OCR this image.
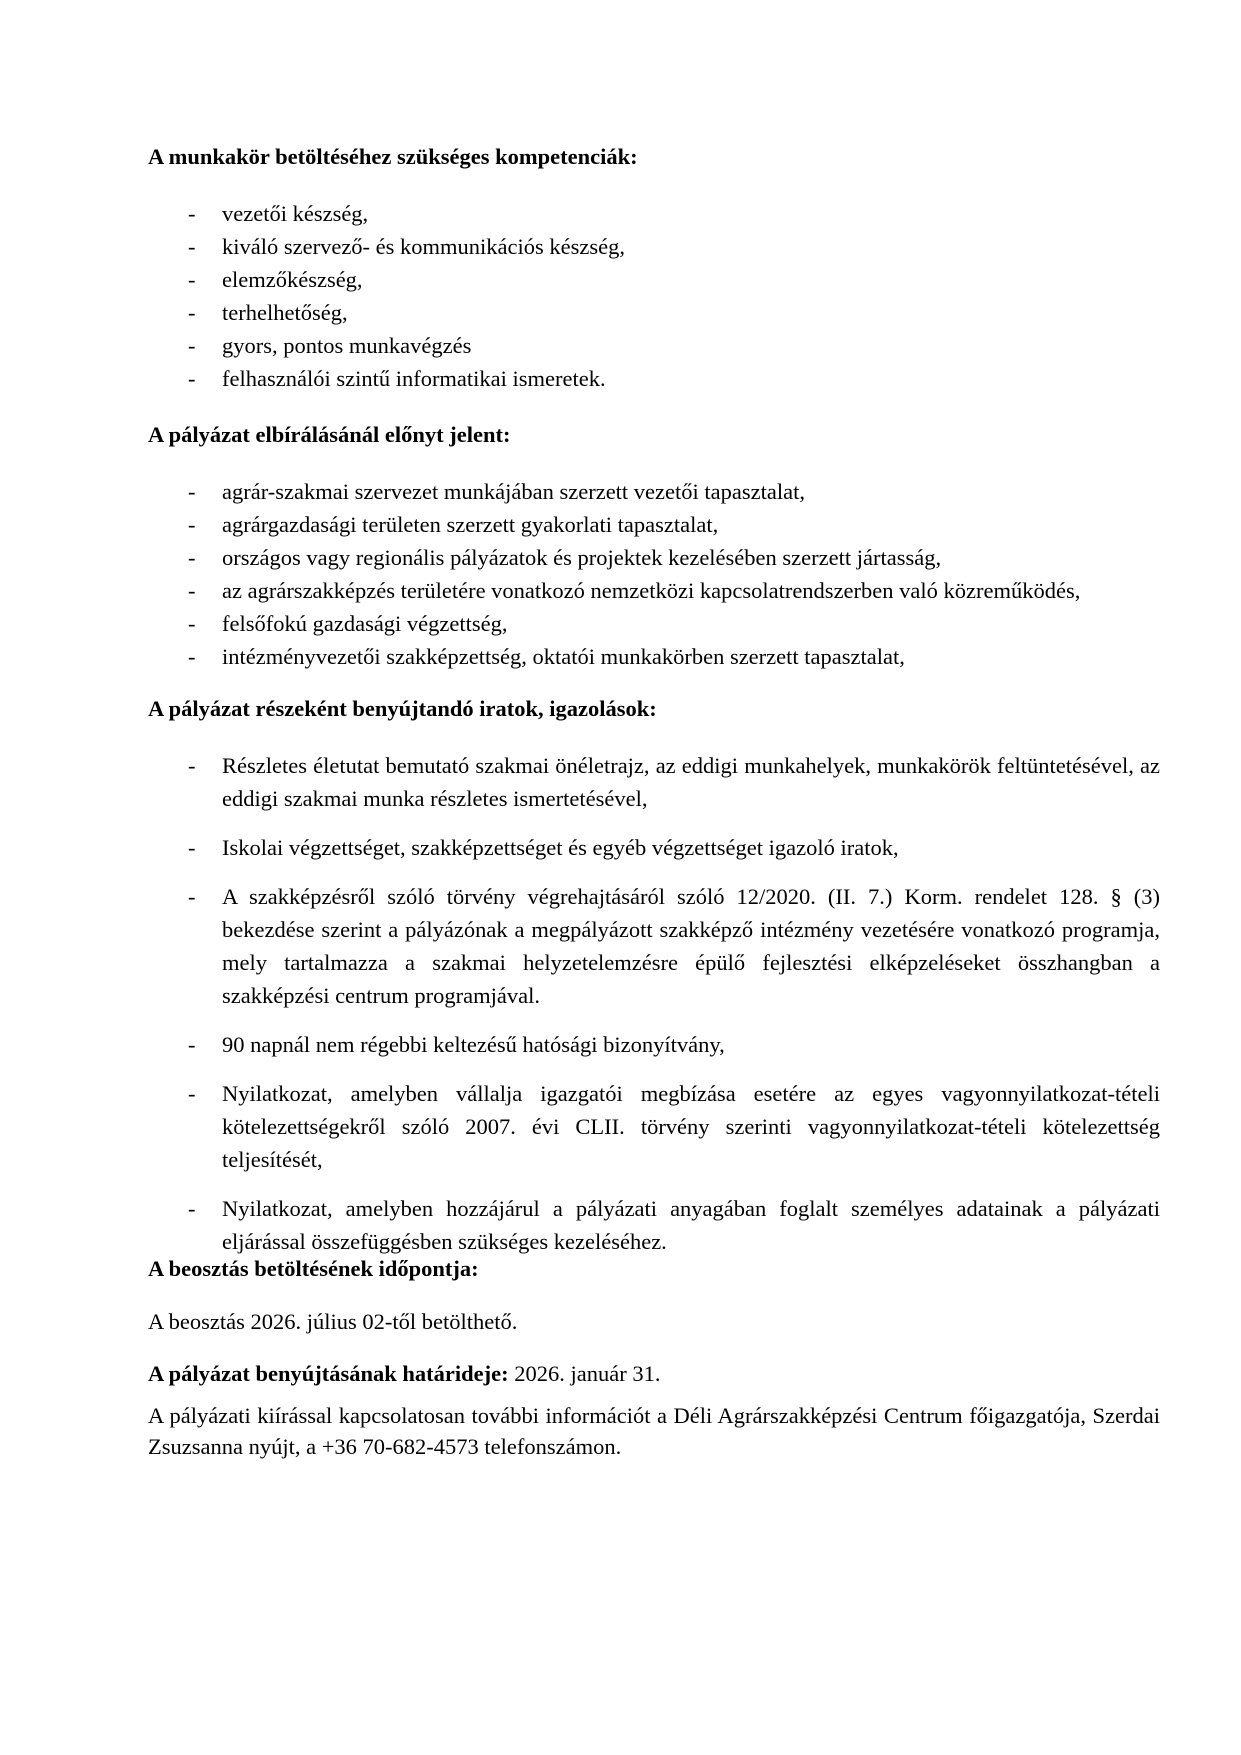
A munkakör betöltéséhez szükséges kompetenciák:

- vezetői készség,
- kiváló szervező- és kommunikációs készség,
- elemzőkészség,
- terhelhetőség,
- gyors, pontos munkavégzés
- felhasználói szintű informatikai ismeretek.

A pályázat elbírálásánál előnyt jelent:

- agrár-szakmai szervezet munkájában szerzett vezetői tapasztalat,
- agrárgazdasági területen szerzett gyakorlati tapasztalat,
- országos vagy regionális pályázatok és projektek kezelésében szerzett jártasság,
- az agrárszakképzés területére vonatkozó nemzetközi kapcsolatrendszerben való közreműködés,
- felsőfokú gazdasági végzettség,
- intézményvezetői szakképzettség, oktatói munkakörben szerzett tapasztalat,

A pályázat részeként benyújtandó iratok, igazolások:

- Részletes életutat bemutató szakmai önéletrajz, az eddigi munkahelyek, munkakörök feltüntetésével, az eddigi szakmai munka részletes ismertetésével,
- Iskolai végzettséget, szakképzettséget és egyéb végzettséget igazoló iratok,
- A szakképzésről szóló törvény végrehajtásáról szóló 12/2020. (II. 7.) Korm. rendelet 128. § (3) bekezdése szerint a pályázónak a megpályázott szakképző intézmény vezetésére vonatkozó programja, mely tartalmazza a szakmai helyzetelemzésre épülő fejlesztési elképzeléseket összhangban a szakképzési centrum programjával.
- 90 napnál nem régebbi keltezésű hatósági bizonyítvány,
- Nyilatkozat, amelyben vállalja igazgatói megbízása esetére az egyes vagyonnyilatkozat-tételi kötelezettségekről szóló 2007. évi CLII. törvény szerinti vagyonnyilatkozat-tételi kötelezettség teljesítését,
- Nyilatkozat, amelyben hozzájárul a pályázati anyagában foglalt személyes adatainak a pályázati eljárással összefüggésben szükséges kezeléséhez.

A beosztás betöltésének időpontja:

A beosztás 2026. július 02-től betölthető.

A pályázat benyújtásának határideje: 2026. január 31.

A pályázati kiírással kapcsolatosan további információt a Déli Agrárszakképzési Centrum főigazgatója, Szerdai Zsuzsanna nyújt, a +36 70-682-4573 telefonszámon.
